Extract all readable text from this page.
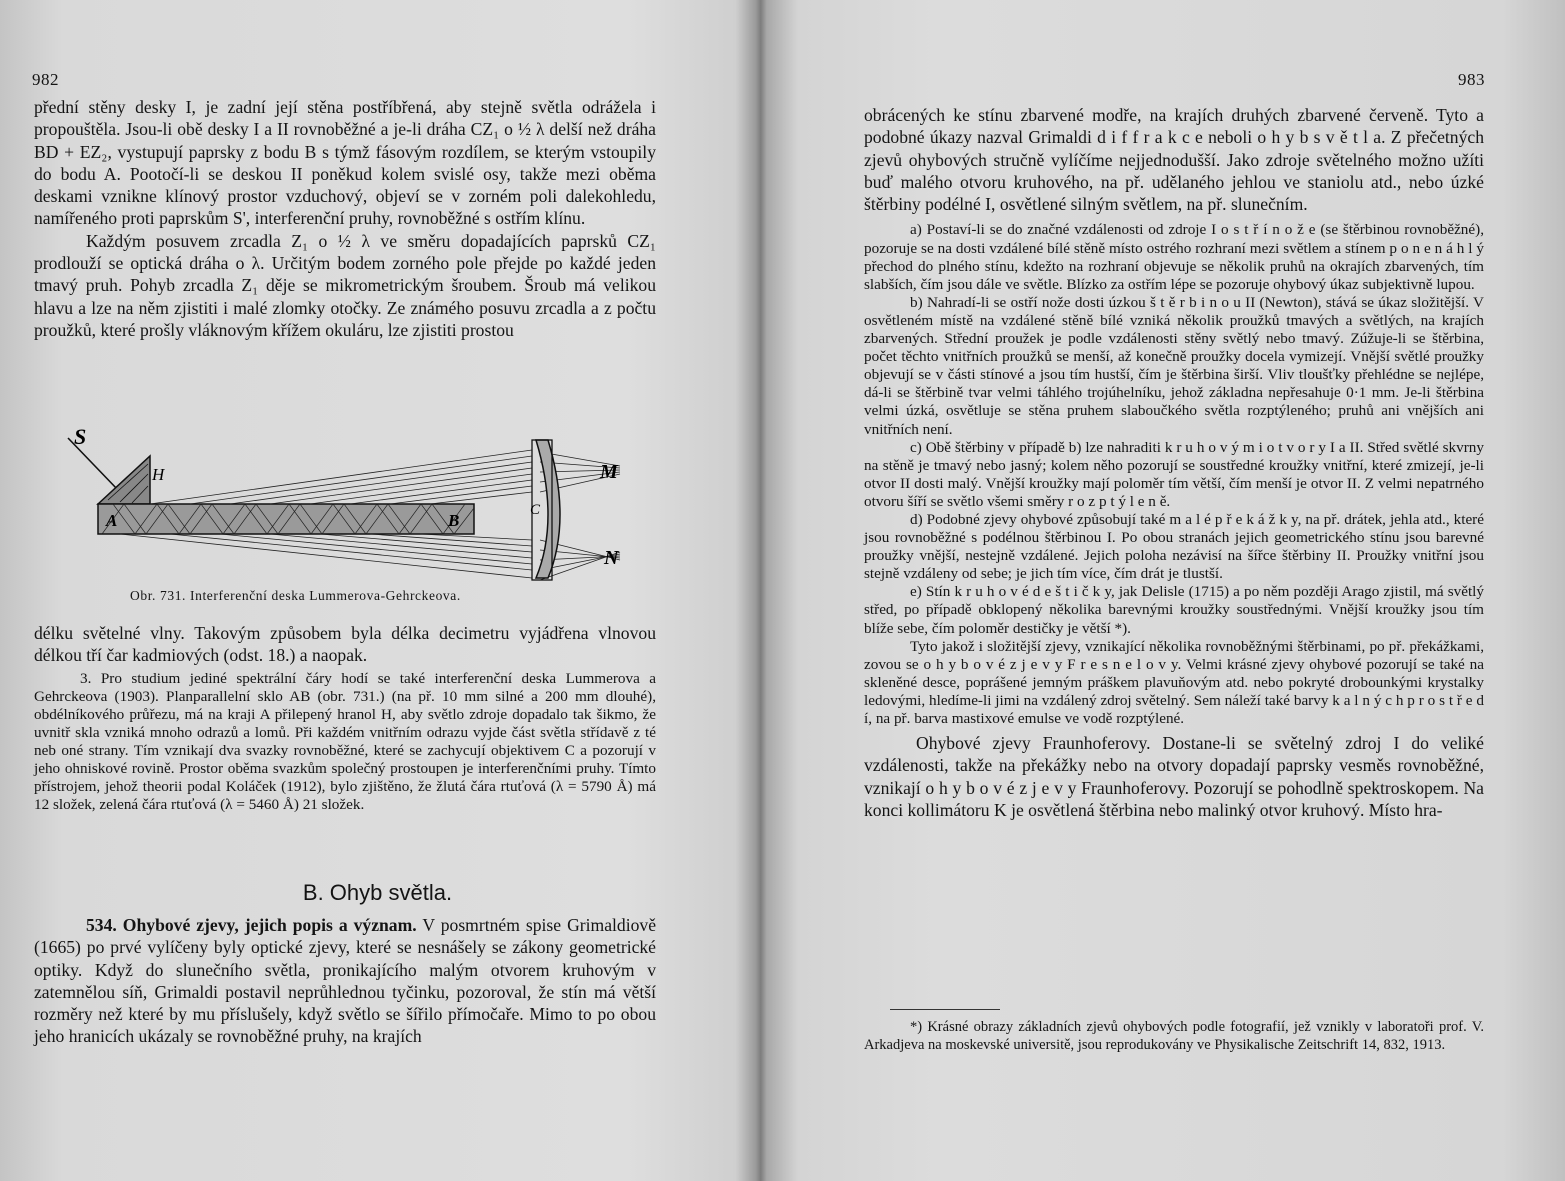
982

přední stěny desky I, je zadní její stěna postříbřená, aby stejně světla odrážela i propouštěla. Jsou-li obě desky I a II rovnoběžné a je-li dráha CZ₁ o ½ λ delší než dráha BD + EZ₂, vystupují paprsky z bodu B s týmž fásovým rozdílem, se kterým vstoupily do bodu A. Pootočí-li se deskou II poněkud kolem svislé osy, takže mezi oběma deskami vznikne klínový prostor vzduchový, objeví se v zorném poli dalekohledu, namířeného proti paprskům S', interferenční pruhy, rovnoběžné s ostřím klínu.

Každým posuvem zrcadla Z₁ o ½ λ ve směru dopadajících paprsků CZ₁ prodlouží se optická dráha o λ. Určitým bodem zorného pole přejde po každé jeden tmavý pruh. Pohyb zrcadla Z₁ děje se mikrometrickým šroubem. Šroub má velikou hlavu a lze na něm zjistiti i malé zlomky otočky. Ze známého posuvu zrcadla a z počtu proužků, které prošly vláknovým křížem okuláru, lze zjistiti prostou

S
H
A	B
C
M
N
Obr. 731. Interferenční deska Lummerova-Gehrckeova.

délku světelné vlny. Takovým způsobem byla délka decimetru vyjádřena vlnovou délkou tří čar kadmiových (odst. 18.) a naopak.

3. Pro studium jediné spektrální čáry hodí se také interferenční deska Lummerova a Gehrckeova (1903). Planparallelní sklo AB (obr. 731.) (na př. 10 mm silné a 200 mm dlouhé), obdélníkového průřezu, má na kraji A přilepený hranol H, aby světlo zdroje dopadalo tak šikmo, že uvnitř skla vzniká mnoho odrazů a lomů. Při každém vnitřním odrazu vyjde část světla střídavě z té neb oné strany. Tím vznikají dva svazky rovnoběžné, které se zachycují objektivem C a pozorují v jeho ohniskové rovině. Prostor oběma svazkům společný prostoupen je interferenčními pruhy. Tímto přístrojem, jehož theorii podal Koláček (1912), bylo zjištěno, že žlutá čára rtuťová (λ = 5790 Å) má 12 složek, zelená čára rtuťová (λ = 5460 Å) 21 složek.

B. Ohyb světla.

534. Ohybové zjevy, jejich popis a význam. V posmrtném spise Grimaldiově (1665) po prvé vylíčeny byly optické zjevy, které se nesnášely se zákony geometrické optiky. Když do slunečního světla, pronikajícího malým otvorem kruhovým v zatemnělou síň, Grimaldi postavil neprůhlednou tyčinku, pozoroval, že stín má větší rozměry než které by mu příslušely, když světlo se šířilo přímočaře. Mimo to po obou jeho hranicích ukázaly se rovnoběžné pruhy, na krajích

983

obrácených ke stínu zbarvené modře, na krajích druhých zbarvené červeně. Tyto a podobné úkazy nazval Grimaldi d i f f r a k c e neboli o h y b s v ě t l a. Z přečetných zjevů ohybových stručně vylíčíme nejjednodušší. Jako zdroje světelného možno užíti buď malého otvoru kruhového, na př. udělaného jehlou ve staniolu atd., nebo úzké štěrbiny podélné I, osvětlené silným světlem, na př. slunečním.

a) Postaví-li se do značné vzdálenosti od zdroje I o s t ř í n o ž e (se štěrbinou rovnoběžné), pozoruje se na dosti vzdálené bílé stěně místo ostrého rozhraní mezi světlem a stínem p o n e n á h l ý přechod do plného stínu, kdežto na rozhraní objevuje se několik pruhů na okrajích zbarvených, tím slabších, čím jsou dále ve světle. Blízko za ostřím lépe se pozoruje ohybový úkaz subjektivně lupou.

b) Nahradí-li se ostří nože dosti úzkou š t ě r b i n o u II (Newton), stává se úkaz složitější. V osvětleném místě na vzdálené stěně bílé vzniká několik proužků tmavých a světlých, na krajích zbarvených. Střední proužek je podle vzdálenosti stěny světlý nebo tmavý. Zúžuje-li se štěrbina, počet těchto vnitřních proužků se menší, až konečně proužky docela vymizejí. Vnější světlé proužky objevují se v části stínové a jsou tím hustší, čím je štěrbina širší. Vliv tloušťky přehlédne se nejlépe, dá-li se štěrbině tvar velmi táhlého trojúhelníku, jehož základna nepřesahuje 0·1 mm. Je-li štěrbina velmi úzká, osvětluje se stěna pruhem slaboučkého světla rozptýleného; pruhů ani vnějších ani vnitřních není.

c) Obě štěrbiny v případě b) lze nahraditi k r u h o v ý m i o t v o r y I a II. Střed světlé skvrny na stěně je tmavý nebo jasný; kolem něho pozorují se soustředné kroužky vnitřní, které zmizejí, je-li otvor II dosti malý. Vnější kroužky mají poloměr tím větší, čím menší je otvor II. Z velmi nepatrného otvoru šíří se světlo všemi směry r o z p t ý l e n ě.

d) Podobné zjevy ohybové způsobují také m a l é p ř e k á ž k y, na př. drátek, jehla atd., které jsou rovnoběžné s podélnou štěrbinou I. Po obou stranách jejich geometrického stínu jsou barevné proužky vnější, nestejně vzdálené. Jejich poloha nezávisí na šířce štěrbiny II. Proužky vnitřní jsou stejně vzdáleny od sebe; je jich tím více, čím drát je tlustší.

e) Stín k r u h o v é d e š t i č k y, jak Delisle (1715) a po něm později Arago zjistil, má světlý střed, po případě obklopený několika barevnými kroužky soustřednými. Vnější kroužky jsou tím blíže sebe, čím poloměr destičky je větší *).

Tyto jakož i složitější zjevy, vznikající několika rovnoběžnými štěrbinami, po př. překážkami, zovou se o h y b o v é z j e v y F r e s n e l o v y. Velmi krásné zjevy ohybové pozorují se také na skleněné desce, poprášené jemným práškem plavuňovým atd. nebo pokryté drobounkými krystalky ledovými, hledíme-li jimi na vzdálený zdroj světelný. Sem náleží také barvy k a l n ý c h p r o s t ř e d í, na př. barva mastixové emulse ve vodě rozptýlené.

Ohybové zjevy Fraunhoferovy. Dostane-li se světelný zdroj I do veliké vzdálenosti, takže na překážky nebo na otvory dopadají paprsky vesměs rovnoběžné, vznikají o h y b o v é z j e v y Fraunhoferovy. Pozorují se pohodlně spektroskopem. Na konci kollimátoru K je osvětlená štěrbina nebo malinký otvor kruhový. Místo hra-

*) Krásné obrazy základních zjevů ohybových podle fotografií, jež vznikly v laboratoři prof. V. Arkadjeva na moskevské universitě, jsou reprodukovány ve Physikalische Zeitschrift 14, 832, 1913.
